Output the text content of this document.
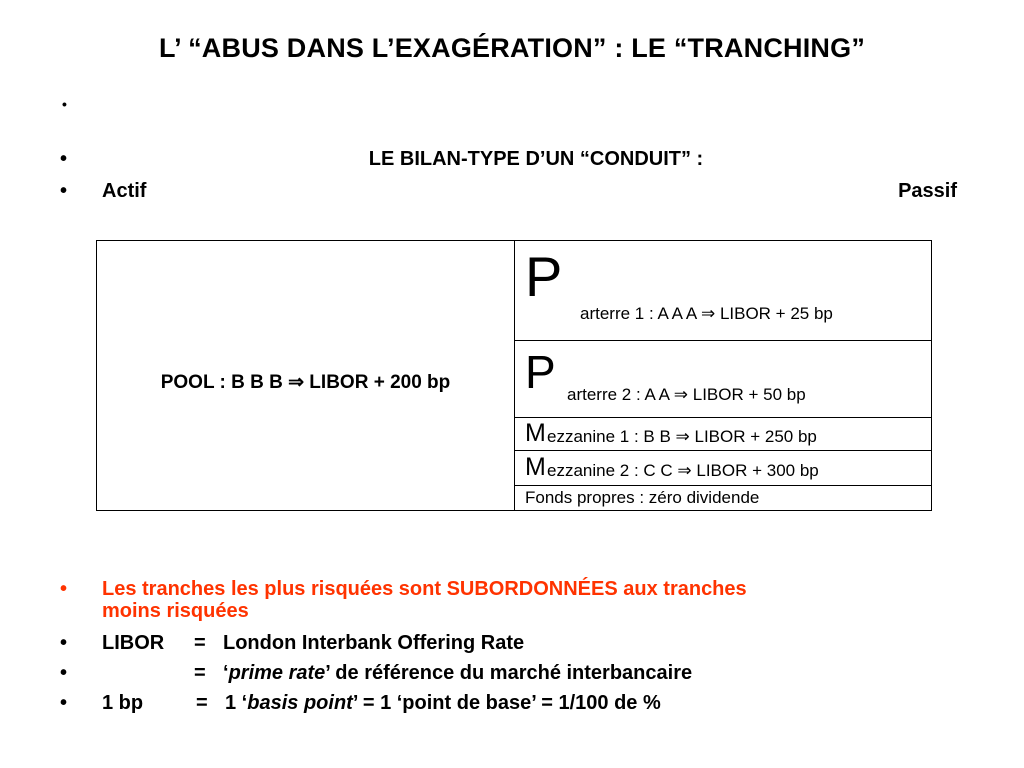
L’ “ABUS DANS L’EXAGÉRATION” : LE “TRANCHING”
•
•	LE BILAN-TYPE D’UN “CONDUIT” :
• Actif	Passif
POOL : B B B ⇒ LIBOR + 200 bp
P
arterre 1 : A A A ⇒ LIBOR + 25 bp
P arterre 2 : A A ⇒ LIBOR + 50 bp
M ezzanine 1 : B B ⇒ LIBOR + 250 bp
M ezzanine 2 : C C ⇒ LIBOR + 300 bp
Fonds propres : zéro dividende
• Les tranches les plus risquées sont SUBORDONNÉES aux tranches
moins risquées
• LIBOR = London Interbank Offering Rate
•	= ‘prime rate’ de référence du marché interbancaire
• 1 bp	= 1 ‘basis point’ = 1 ‘point de base’ = 1/100 de %
